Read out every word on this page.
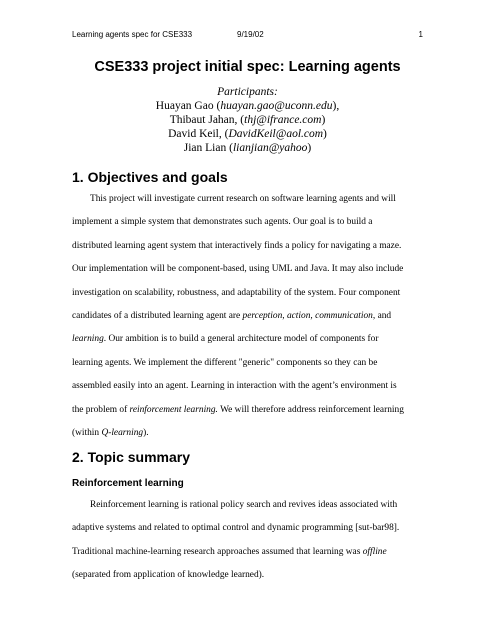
Learning agents spec for CSE333	9/19/02	1
CSE333 project initial spec: Learning agents
Participants:
Huayan Gao (huayan.gao@uconn.edu),
Thibaut Jahan, (thj@ifrance.com)
David Keil, (DavidKeil@aol.com)
Jian Lian (lianjian@yahoo)
1. Objectives and goals
This project will investigate current research on software learning agents and will
implement a simple system that demonstrates such agents. Our goal is to build a
distributed learning agent system that interactively finds a policy for navigating a maze.
Our implementation will be component-based, using UML and Java. It may also include
investigation on scalability, robustness, and adaptability of the system. Four component
candidates of a distributed learning agent are perception, action, communication, and
learning. Our ambition is to build a general architecture model of components for
learning agents. We implement the different "generic" components so they can be
assembled easily into an agent. Learning in interaction with the agent’s environment is
the problem of reinforcement learning. We will therefore address reinforcement learning
(within Q-learning).
2. Topic summary
Reinforcement learning
Reinforcement learning is rational policy search and revives ideas associated with
adaptive systems and related to optimal control and dynamic programming [sut-bar98].
Traditional machine-learning research approaches assumed that learning was offline
(separated from application of knowledge learned).
